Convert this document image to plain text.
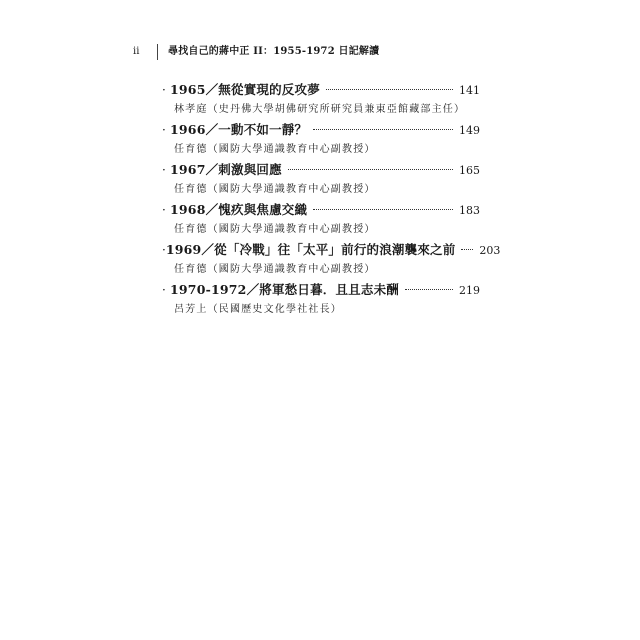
ii	尋找自己的蔣中正 II：1955-1972 日記解讀
· 1965／無從實現的反攻夢	141
林孝庭（史丹佛大學胡佛研究所研究員兼東亞館藏部主任）
· 1966／一動不如一靜？	149
任育德（國防大學通識教育中心副教授）
· 1967／刺激與回應	165
任育德（國防大學通識教育中心副教授）
· 1968／愧疚與焦慮交織	183
任育德（國防大學通識教育中心副教授）
· 1969／從「冷戰」往「太平」前行的浪潮襲來之前 203
任育德（國防大學通識教育中心副教授）
· 1970-1972／將軍愁日暮．且且志未酬	219
呂芳上（民國歷史文化學社社長）
